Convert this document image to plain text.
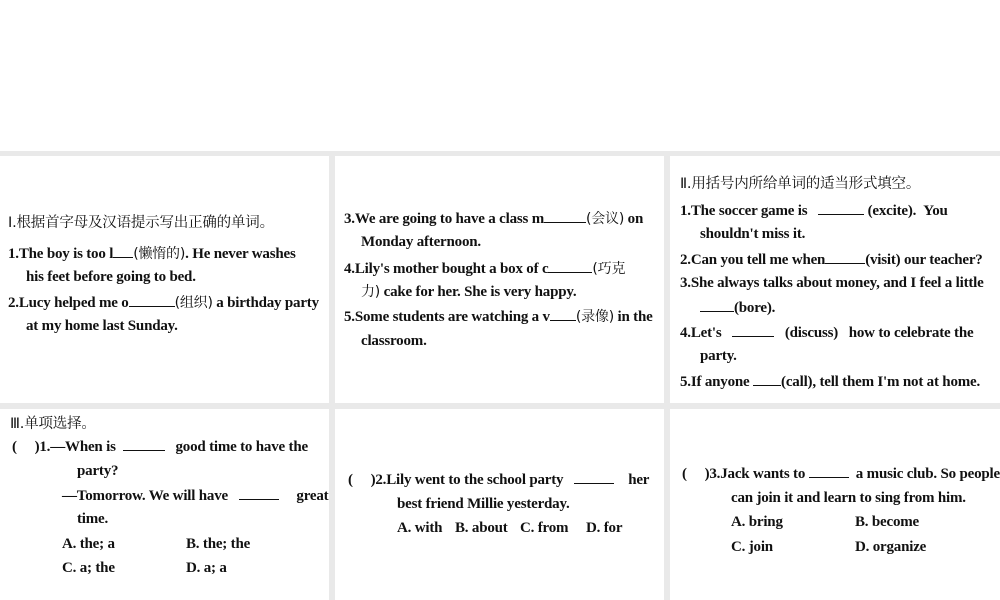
Ⅰ.根据首字母及汉语提示写出正确的单词。
1.The boy is too l (懒惰的). He never washes
his feet before going to bed.
2.Lucy helped me o	(组织) a birthday party
at my home last Sunday.
3.We are going to have a class m	(会议) on
Monday afternoon.
4.Lily's mother bought a box of c	(巧克
力) cake for her. She is very happy.
5.Some students are watching a v (录像) in the
classroom.
Ⅱ.用括号内所给单词的适当形式填空。
1.The soccer game is	(excite). You
shouldn't miss it.
2.Can you tell me when	(visit) our teacher?
3.She always talks about money, and I feel a little
(bore).
4.Let's	(discuss) how to celebrate the
party.
5.If anyone (call), tell them I'm not at home.
Ⅲ.单项选择。
( )1.—When is	good time to have the
party?
—Tomorrow. We will have	great
time.
A. the; a	B. the; the
C. a; the	D. a; a
( )2.Lily went to the school party	her
best friend Millie yesterday.
A. with B. about C. from D. for
( )3.Jack wants to	a music club. So people
can join it and learn to sing from him.
A. bring	B. become
C. join	D. organize
